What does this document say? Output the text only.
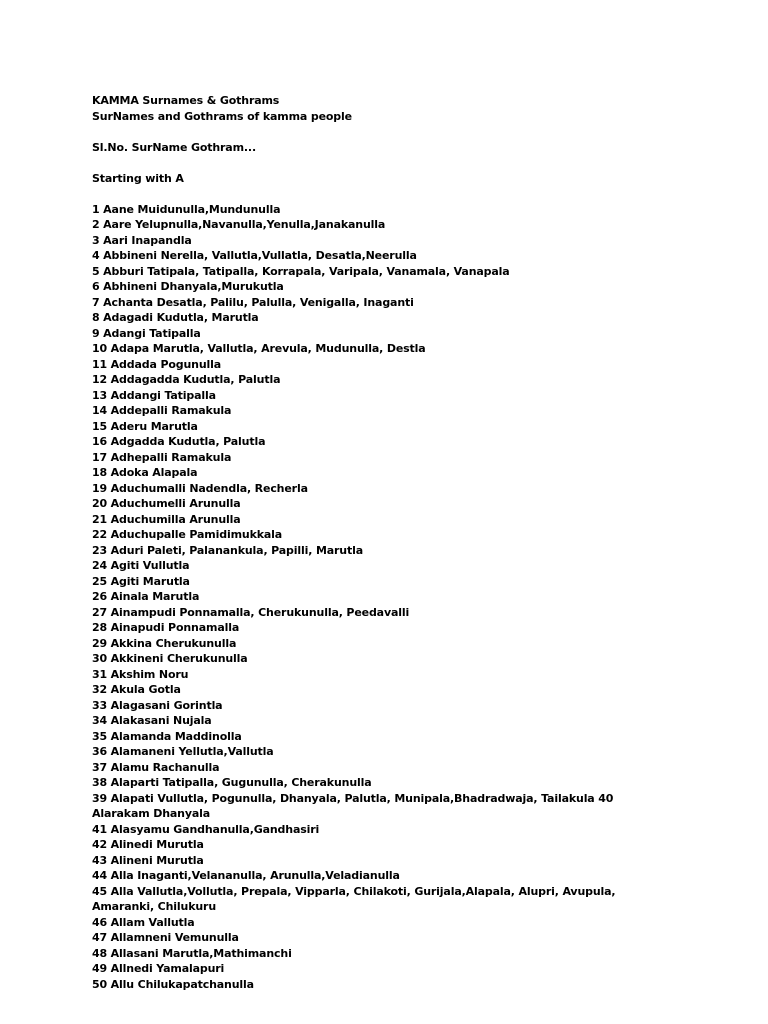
KAMMA Surnames & Gothrams
SurNames and Gothrams of kamma people
Sl.No. SurName Gothram...
Starting with A
1 Aane Muidunulla,Mundunulla
2 Aare Yelupnulla,Navanulla,Yenulla,Janakanulla
3 Aari Inapandla
4 Abbineni Nerella, Vallutla,Vullatla, Desatla,Neerulla
5 Abburi Tatipala, Tatipalla, Korrapala, Varipala, Vanamala, Vanapala
6 Abhineni Dhanyala,Murukutla
7 Achanta Desatla, Palilu, Palulla, Venigalla, Inaganti
8 Adagadi Kudutla, Marutla
9 Adangi Tatipalla
10 Adapa Marutla, Vallutla, Arevula, Mudunulla, Destla
11 Addada Pogunulla
12 Addagadda Kudutla, Palutla
13 Addangi Tatipalla
14 Addepalli Ramakula
15 Aderu Marutla
16 Adgadda Kudutla, Palutla
17 Adhepalli Ramakula
18 Adoka Alapala
19 Aduchumalli Nadendla, Recherla
20 Aduchumelli Arunulla
21 Aduchumilla Arunulla
22 Aduchupalle Pamidimukkala
23 Aduri Paleti, Palanankula, Papilli, Marutla
24 Agiti Vullutla
25 Agiti Marutla
26 Ainala Marutla
27 Ainampudi Ponnamalla, Cherukunulla, Peedavalli
28 Ainapudi Ponnamalla
29 Akkina Cherukunulla
30 Akkineni Cherukunulla
31 Akshim Noru
32 Akula Gotla
33 Alagasani Gorintla
34 Alakasani Nujala
35 Alamanda Maddinolla
36 Alamaneni Yellutla,Vallutla
37 Alamu Rachanulla
38 Alaparti Tatipalla, Gugunulla, Cherakunulla
39 Alapati Vullutla, Pogunulla, Dhanyala, Palutla, Munipala,Bhadradwaja, Tailakula 40 Alarakam Dhanyala
41 Alasyamu Gandhanulla,Gandhasiri
42 Alinedi Murutla
43 Alineni Murutla
44 Alla Inaganti,Velananulla, Arunulla,Veladianulla
45 Alla Vallutla,Vollutla, Prepala, Vipparla, Chilakoti, Gurijala,Alapala, Alupri, Avupula, Amaranki, Chilukuru
46 Allam Vallutla
47 Allamneni Vemunulla
48 Allasani Marutla,Mathimanchi
49 Allnedi Yamalapuri
50 Allu Chilukapatchanulla
